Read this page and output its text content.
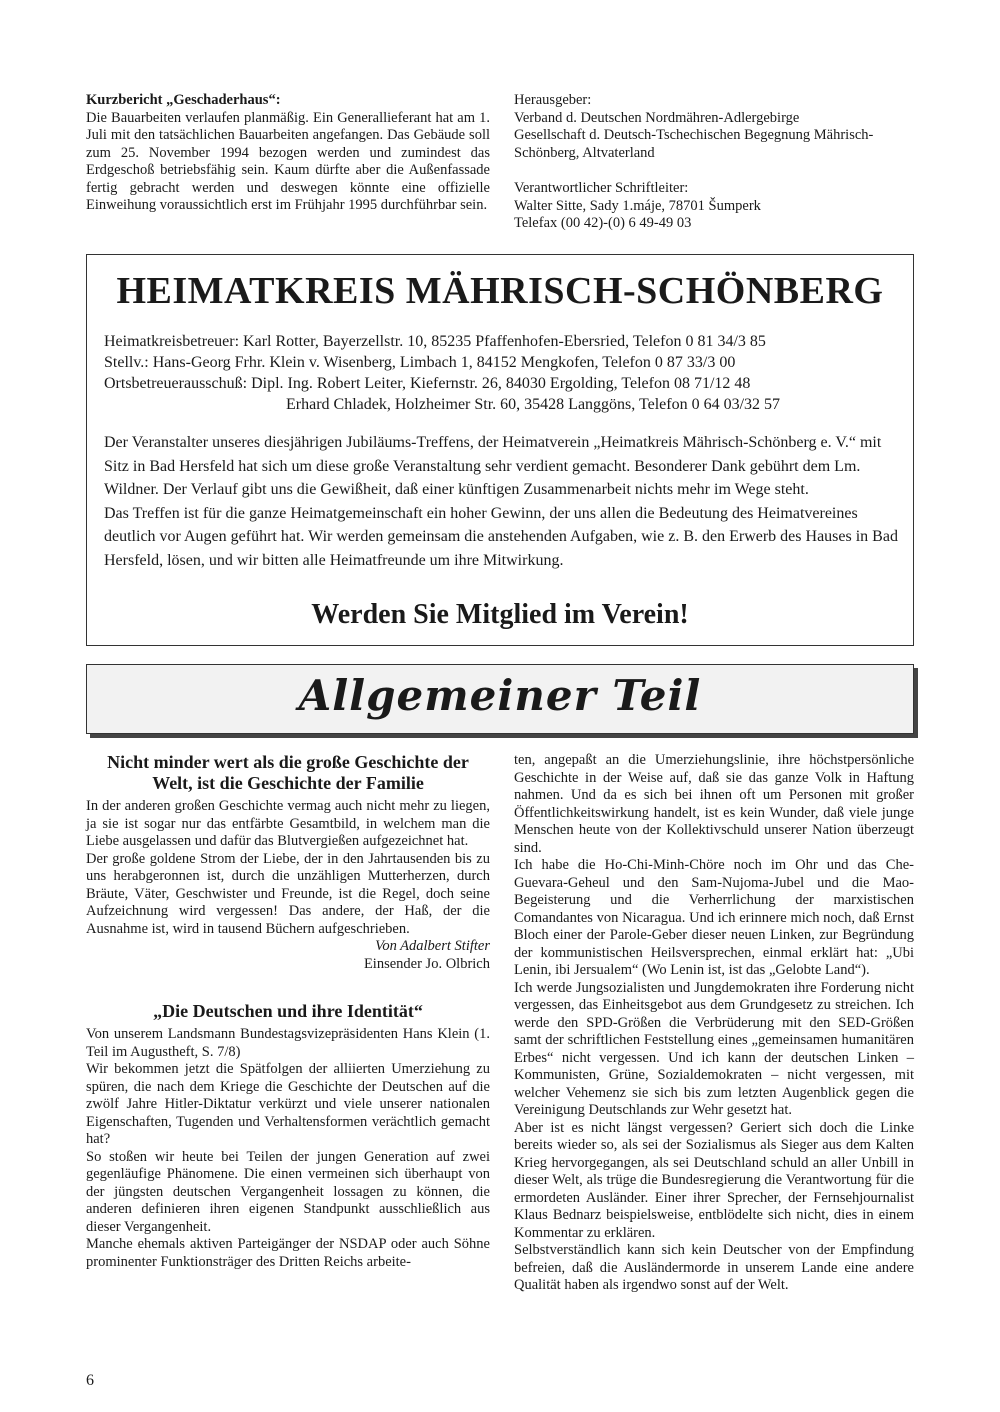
Kurzbericht „Geschaderhaus“:

Die Bauarbeiten verlaufen planmäßig. Ein Generallieferant hat am 1. Juli mit den tatsächlichen Bauarbeiten angefangen. Das Gebäude soll zum 25. November 1994 bezogen werden und zumindest das Erdgeschoß betriebsfähig sein. Kaum dürfte aber die Außenfassade fertig gebracht werden und deswegen könnte eine offizielle Einweihung voraussichtlich erst im Frühjahr 1995 durchführbar sein.

Herausgeber:

Verband d. Deutschen Nordmähren-Adlergebirge

Gesellschaft d. Deutsch-Tschechischen Begegnung Mährisch-

Schönberg, Altvaterland

Verantwortlicher Schriftleiter:

Walter Sitte, Sady 1.máje, 78701 Šumperk

Telefax (00 42)-(0) 6 49-49 03

HEIMATKREIS MÄHRISCH-SCHÖNBERG

Heimatkreisbetreuer: Karl Rotter, Bayerzellstr. 10, 85235 Pfaffenhofen-Ebersried, Telefon 0 81 34/3 85

Stellv.: Hans-Georg Frhr. Klein v. Wisenberg, Limbach 1, 84152 Mengkofen, Telefon 0 87 33/3 00

Ortsbetreuerausschuß: Dipl. Ing. Robert Leiter, Kiefernstr. 26, 84030 Ergolding, Telefon 08 71/12 48

Erhard Chladek, Holzheimer Str. 60, 35428 Langgöns, Telefon 0 64 03/32 57

Der Veranstalter unseres diesjährigen Jubiläums-Treffens, der Heimatverein „Heimatkreis Mährisch-Schönberg e. V.“ mit Sitz in Bad Hersfeld hat sich um diese große Veranstaltung sehr verdient gemacht. Besonderer Dank gebührt dem Lm. Wildner. Der Verlauf gibt uns die Gewißheit, daß einer künftigen Zusammenarbeit nichts mehr im Wege steht.

Das Treffen ist für die ganze Heimatgemeinschaft ein hoher Gewinn, der uns allen die Bedeutung des Heimatvereines deutlich vor Augen geführt hat. Wir werden gemeinsam die anstehenden Aufgaben, wie z. B. den Erwerb des Hauses in Bad Hersfeld, lösen, und wir bitten alle Heimatfreunde um ihre Mitwirkung.

Werden Sie Mitglied im Verein!
Allgemeiner Teil
Nicht minder wert als die große Geschichte der Welt, ist die Geschichte der Familie

In der anderen großen Geschichte vermag auch nicht mehr zu liegen, ja sie ist sogar nur das entfärbte Gesamtbild, in welchem man die Liebe ausgelassen und dafür das Blutvergießen aufgezeichnet hat.

Der große goldene Strom der Liebe, der in den Jahrtausenden bis zu uns herabgeronnen ist, durch die unzähligen Mutterherzen, durch Bräute, Väter, Geschwister und Freunde, ist die Regel, doch seine Aufzeichnung wird vergessen! Das andere, der Haß, der die Ausnahme ist, wird in tausend Büchern aufgeschrieben.

Von Adalbert Stifter

Einsender Jo. Olbrich

„Die Deutschen und ihre Identität“

Von unserem Landsmann Bundestagsvizepräsidenten Hans Klein (1. Teil im Augustheft, S. 7/8)

Wir bekommen jetzt die Spätfolgen der alliierten Umerziehung zu spüren, die nach dem Kriege die Geschichte der Deutschen auf die zwölf Jahre Hitler-Diktatur verkürzt und viele unserer nationalen Eigenschaften, Tugenden und Verhaltensformen verächtlich gemacht hat?

So stoßen wir heute bei Teilen der jungen Generation auf zwei gegenläufige Phänomene. Die einen vermeinen sich überhaupt von der jüngsten deutschen Vergangenheit lossagen zu können, die anderen definieren ihren eigenen Standpunkt ausschließlich aus dieser Vergangenheit.

Manche ehemals aktiven Parteigänger der NSDAP oder auch Söhne prominenter Funktionsträger des Dritten Reichs arbeite-

ten, angepaßt an die Umerziehungslinie, ihre höchstpersönliche Geschichte in der Weise auf, daß sie das ganze Volk in Haftung nahmen. Und da es sich bei ihnen oft um Personen mit großer Öffentlichkeitswirkung handelt, ist es kein Wunder, daß viele junge Menschen heute von der Kollektivschuld unserer Nation überzeugt sind.

Ich habe die Ho-Chi-Minh-Chöre noch im Ohr und das Che-Guevara-Geheul und den Sam-Nujoma-Jubel und die Mao-Begeisterung und die Verherrlichung der marxistischen Comandantes von Nicaragua. Und ich erinnere mich noch, daß Ernst Bloch einer der Parole-Geber dieser neuen Linken, zur Begründung der kommunistischen Heilsversprechen, einmal erklärt hat: „Ubi Lenin, ibi Jersualem“ (Wo Lenin ist, ist das „Gelobte Land“).

Ich werde Jungsozialisten und Jungdemokraten ihre Forderung nicht vergessen, das Einheitsgebot aus dem Grundgesetz zu streichen. Ich werde den SPD-Größen die Verbrüderung mit den SED-Größen samt der schriftlichen Feststellung eines „gemeinsamen humanitären Erbes“ nicht vergessen. Und ich kann der deutschen Linken – Kommunisten, Grüne, Sozialdemokraten – nicht vergessen, mit welcher Vehemenz sie sich bis zum letzten Augenblick gegen die Vereinigung Deutschlands zur Wehr gesetzt hat.

Aber ist es nicht längst vergessen? Geriert sich doch die Linke bereits wieder so, als sei der Sozialismus als Sieger aus dem Kalten Krieg hervorgegangen, als sei Deutschland schuld an aller Unbill in dieser Welt, als trüge die Bundesregierung die Verantwortung für die ermordeten Ausländer. Einer ihrer Sprecher, der Fernsehjournalist Klaus Bednarz beispielsweise, entblödelte sich nicht, dies in einem Kommentar zu erklären.

Selbstverständlich kann sich kein Deutscher von der Empfindung befreien, daß die Ausländermorde in unserem Lande eine andere Qualität haben als irgendwo sonst auf der Welt.

6
